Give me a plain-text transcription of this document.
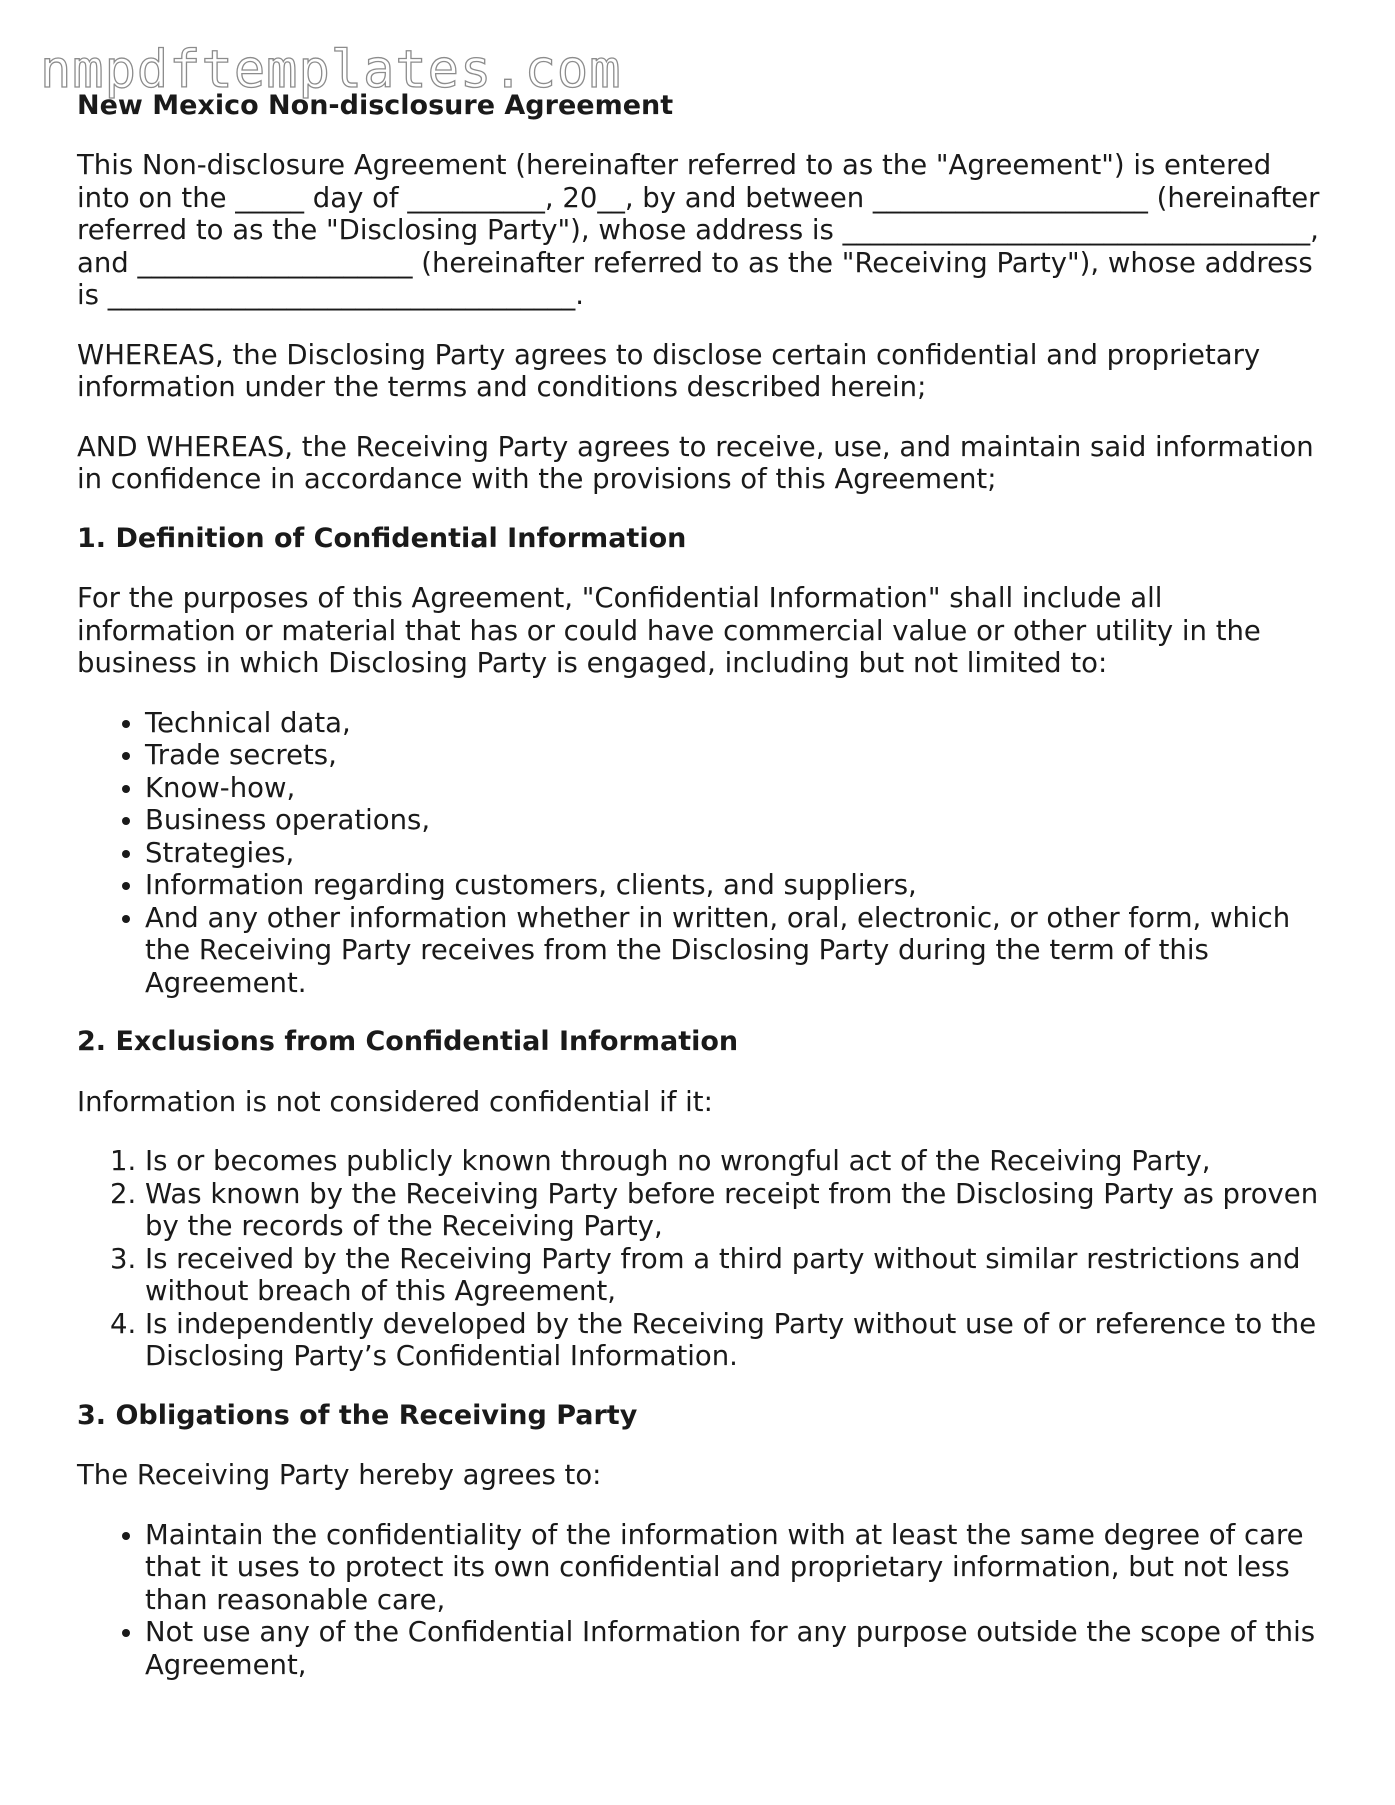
nmpdftemplates.com
New Mexico Non-disclosure Agreement

This Non-disclosure Agreement (hereinafter referred to as the "Agreement") is entered into on the _____ day of __________, 20__, by and between ____________________ (hereinafter referred to as the "Disclosing Party"), whose address is __________________________________, and ____________________ (hereinafter referred to as the "Receiving Party"), whose address is __________________________________.

WHEREAS, the Disclosing Party agrees to disclose certain confidential and proprietary information under the terms and conditions described herein;

AND WHEREAS, the Receiving Party agrees to receive, use, and maintain said information in confidence in accordance with the provisions of this Agreement;

1. Definition of Confidential Information

For the purposes of this Agreement, "Confidential Information" shall include all information or material that has or could have commercial value or other utility in the business in which Disclosing Party is engaged, including but not limited to:

• Technical data,
• Trade secrets,
• Know-how,
• Business operations,
• Strategies,
• Information regarding customers, clients, and suppliers,
• And any other information whether in written, oral, electronic, or other form, which the Receiving Party receives from the Disclosing Party during the term of this Agreement.
2. Exclusions from Confidential Information

Information is not considered confidential if it:

1. Is or becomes publicly known through no wrongful act of the Receiving Party,
2. Was known by the Receiving Party before receipt from the Disclosing Party as proven by the records of the Receiving Party,
3. Is received by the Receiving Party from a third party without similar restrictions and without breach of this Agreement,
4. Is independently developed by the Receiving Party without use of or reference to the Disclosing Party’s Confidential Information.
3. Obligations of the Receiving Party

The Receiving Party hereby agrees to:

• Maintain the confidentiality of the information with at least the same degree of care that it uses to protect its own confidential and proprietary information, but not less than reasonable care,
• Not use any of the Confidential Information for any purpose outside the scope of this Agreement,
